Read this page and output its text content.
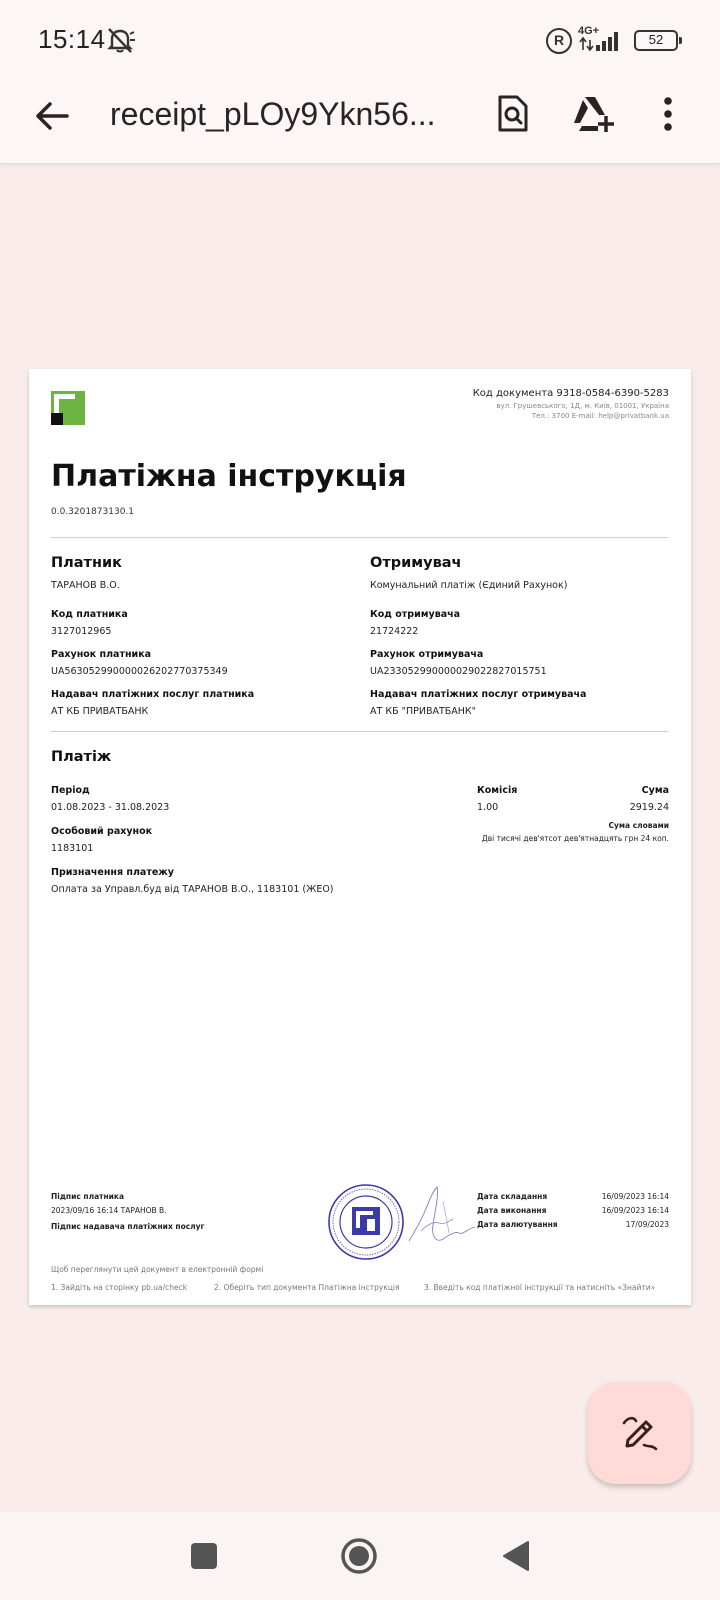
15:14	R
4G+
52
receipt_pLOy9Ykn56...
Код документа 9318-0584-6390-5283
вул. Грушевського, 1Д, м. Київ, 01001, Україна
Тел.: 3700 E-mail: help@privatbank.ua
Платіжна інструкція
0.0.3201873130.1
Платник
ТАРАНОВ В.О.
Код платника
3127012965
Рахунок платника
UA563052990000026202770375349
Надавач платіжних послуг платника
АТ КБ ПРИВАТБАНК
Отримувач
Комунальний платіж (Єдиний Рахунок)
Код отримувача
21724222
Рахунок отримувача
UA233052990000029022827015751
Надавач платіжних послуг отримувача
АТ КБ "ПРИВАТБАНК"
Платіж
Період
01.08.2023 - 31.08.2023
Особовий рахунок
1183101
Призначення платежу
Оплата за Управл.буд від ТАРАНОВ В.О., 1183101 (ЖЕО)
Комісія
1.00
Сума
2919.24
Сума словами
Дві тисячі дев'ятсот дев'ятнадцять грн 24 коп.
Підпис платника
2023/09/16 16:14 ТАРАНОВ В.
Підпис надавача платіжних послуг
Дата складання	16/09/2023 16:14
Дата виконання	16/09/2023 16:14
Дата валютування	17/09/2023
Щоб переглянути цей документ в електронній формі
1. Зайдіть на сторінку pb.ua/check	2. Оберіть тип документа Платіжна інструкція	3. Введіть код платіжної інструкції та натисніть «Знайти»
